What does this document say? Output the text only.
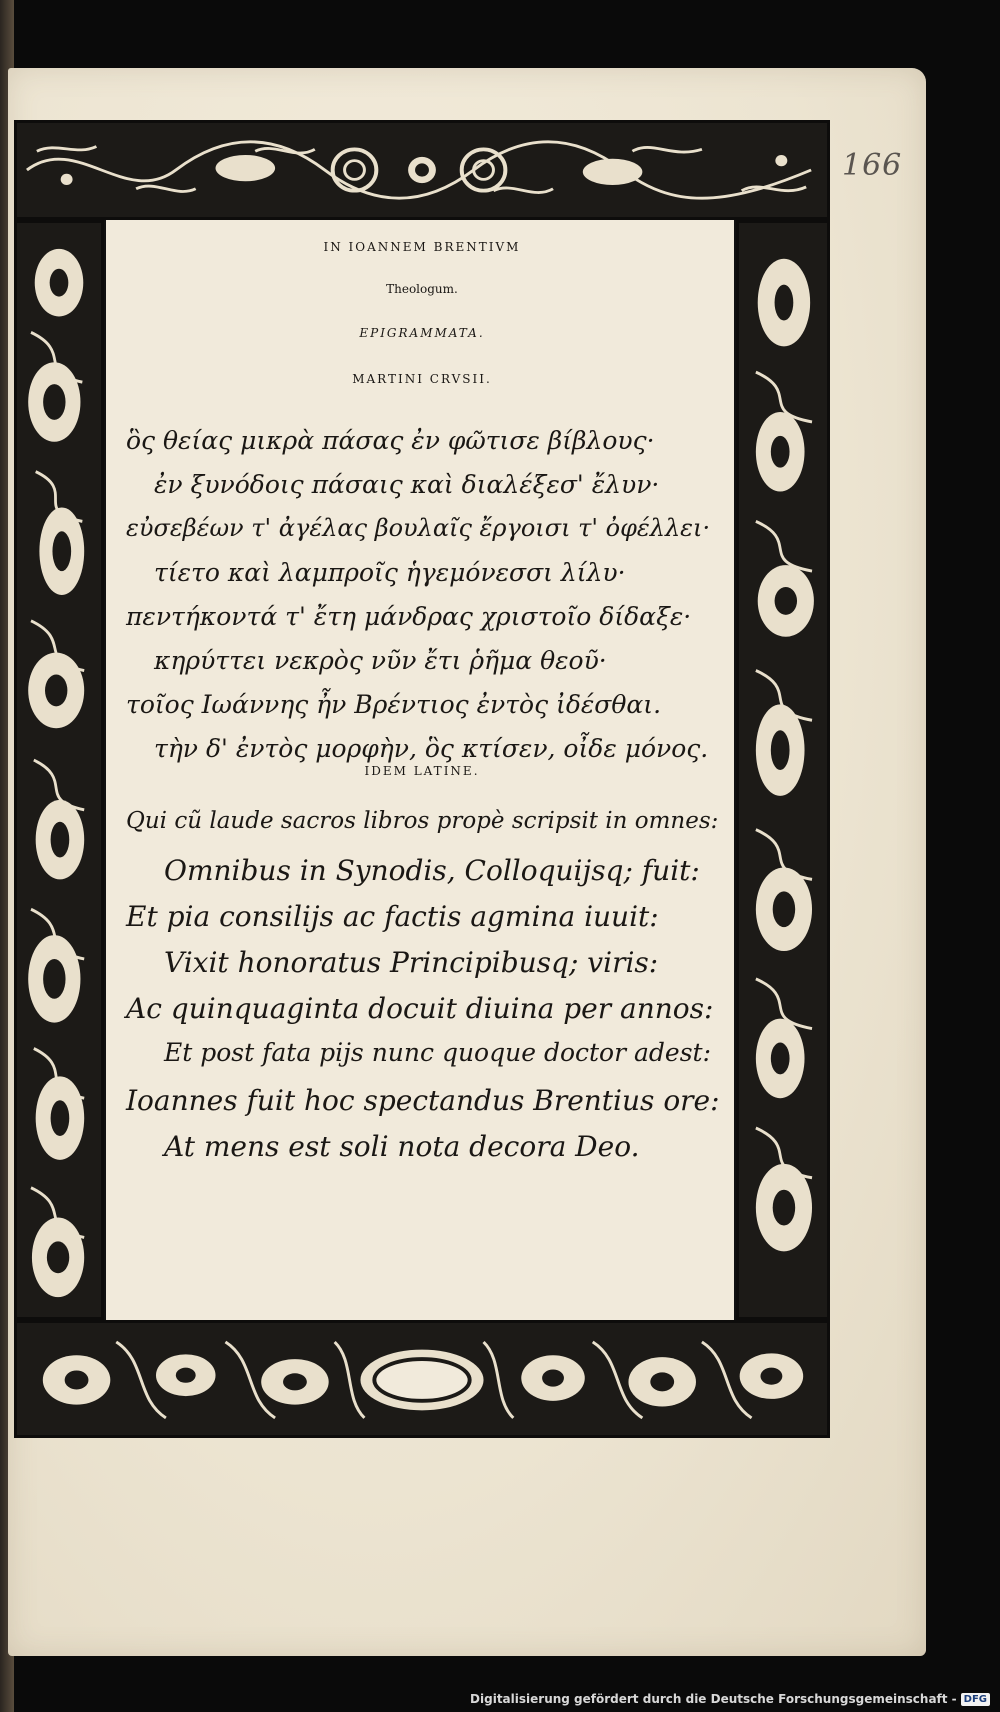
166

IN IOANNEM BRENTIVM
Theologum.
EPIGRAMMATA.
MARTINI CRVSII.
ὃς θείας μικρὰ πάσας ἐν φῶτισε βίβλους·
ἐν ξυνόδοις πάσαις καὶ διαλέξεσ' ἔλυν·
εὐσεβέων τ' ἀγέλας βουλαῖς ἔργοισι τ' ὀφέλλει·
τίετο καὶ λαμπροῖς ἡγεμόνεσσι λίλυ·
πεντήκοντά τ' ἔτη μάνδρας χριστοῖο δίδαξε·
κηρύττει νεκρὸς νῦν ἔτι ῥῆμα θεοῦ·
τοῖος Ιωάννης ἦν Βρέντιος ἐντὸς ἰδέσθαι.
τὴν δ' ἐντὸς μορφὴν, ὃς κτίσεν, οἶδε μόνος.
IDEM LATINE.
Qui cũ laude sacros libros propè scripsit in omnes:
Omnibus in Synodis, Colloquijsq; fuit:
Et pia consilijs ac factis agmina iuuit:
Vixit honoratus Principibusq; viris:
Ac quinquaginta docuit diuina per annos:
Et post fata pijs nunc quoque doctor adest:
Ioannes fuit hoc spectandus Brentius ore:
At mens est soli nota decora Deo.
Digitalisierung gefördert durch die Deutsche Forschungsgemeinschaft - DFG
